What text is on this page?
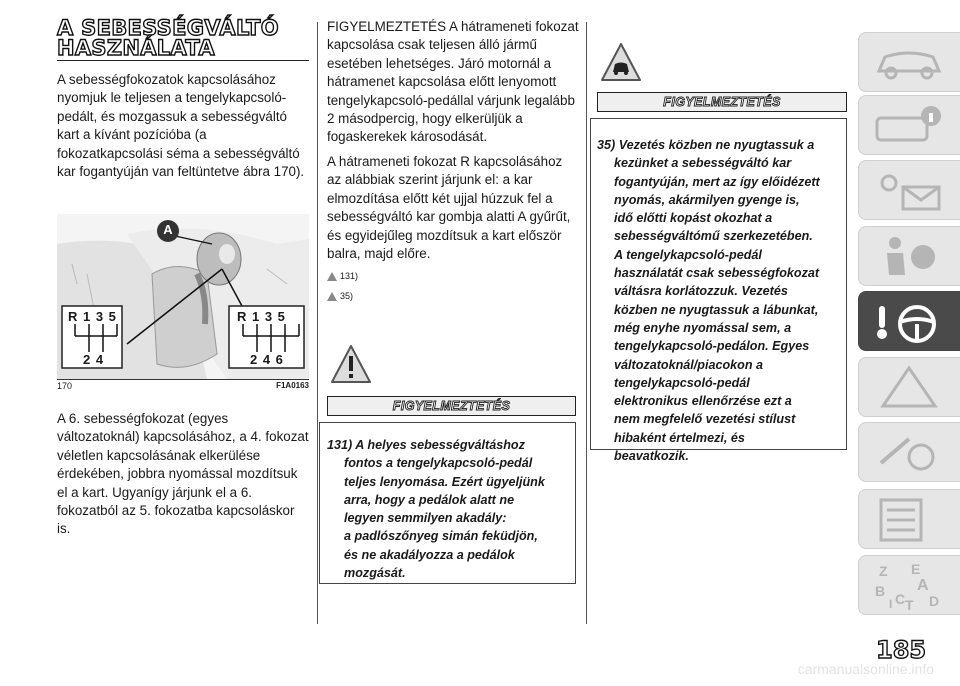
A SEBESSÉGVÁLTÓ HASZNÁLATA

A sebességfokozatok kapcsolásához nyomjuk le teljesen a tengelykapcsoló-pedált, és mozgassuk a sebességváltó kart a kívánt pozícióba (a fokozatkapcsolási séma a sebességváltó kar fogantyúján van feltüntetve ábra 170).

A
R 1 3 5
2 4
R 1 3 5
2 4 6
170	F1A0163

A 6. sebességfokozat (egyes változatoknál) kapcsolásához, a 4. fokozat véletlen kapcsolásának elkerülése érdekében, jobbra nyomással mozdítsuk el a kart. Ugyanígy járjunk el a 6. fokozatból az 5. fokozatba kapcsoláskor is.

FIGYELMEZTETÉS A hátrameneti fokozat kapcsolása csak teljesen álló jármű esetében lehetséges. Járó motornál a hátramenet kapcsolása előtt lenyomott tengelykapcsoló-pedállal várjunk legalább 2 másodpercig, hogy elkerüljük a fogaskerekek károsodását.

A hátrameneti fokozat R kapcsolásához az alábbiak szerint járjunk el: a kar elmozdítása előtt két ujjal húzzuk fel a sebességváltó kar gombja alatti A gyűrűt, és egyidejűleg mozdítsuk a kart először balra, majd előre.

131)
35)
FIGYELMEZTETÉS
131) A helyes sebességváltáshoz
fontos a tengelykapcsoló-pedál
teljes lenyomása. Ezért ügyeljünk
arra, hogy a pedálok alatt ne
legyen semmilyen akadály:
a padlószőnyeg simán feküdjön,
és ne akadályozza a pedálok
mozgását.
FIGYELMEZTETÉS
35) Vezetés közben ne nyugtassuk a
kezünket a sebességváltó kar
fogantyúján, mert az így előidézett
nyomás, akármilyen gyenge is,
idő előtti kopást okozhat a
sebességváltómű szerkezetében.
A tengelykapcsoló-pedál
használatát csak sebességfokozat
váltásra korlátozzuk. Vezetés
közben ne nyugtassuk a lábunkat,
még enyhe nyomással sem, a
tengelykapcsoló-pedálon. Egyes
változatoknál/piacokon a
tengelykapcsoló-pedál
elektronikus ellenőrzése ezt a
nem megfelelő vezetési stílust
hibaként értelmezi, és
beavatkozik.
Z E
A
B C D
T
I
185
carmanualsonline.info
